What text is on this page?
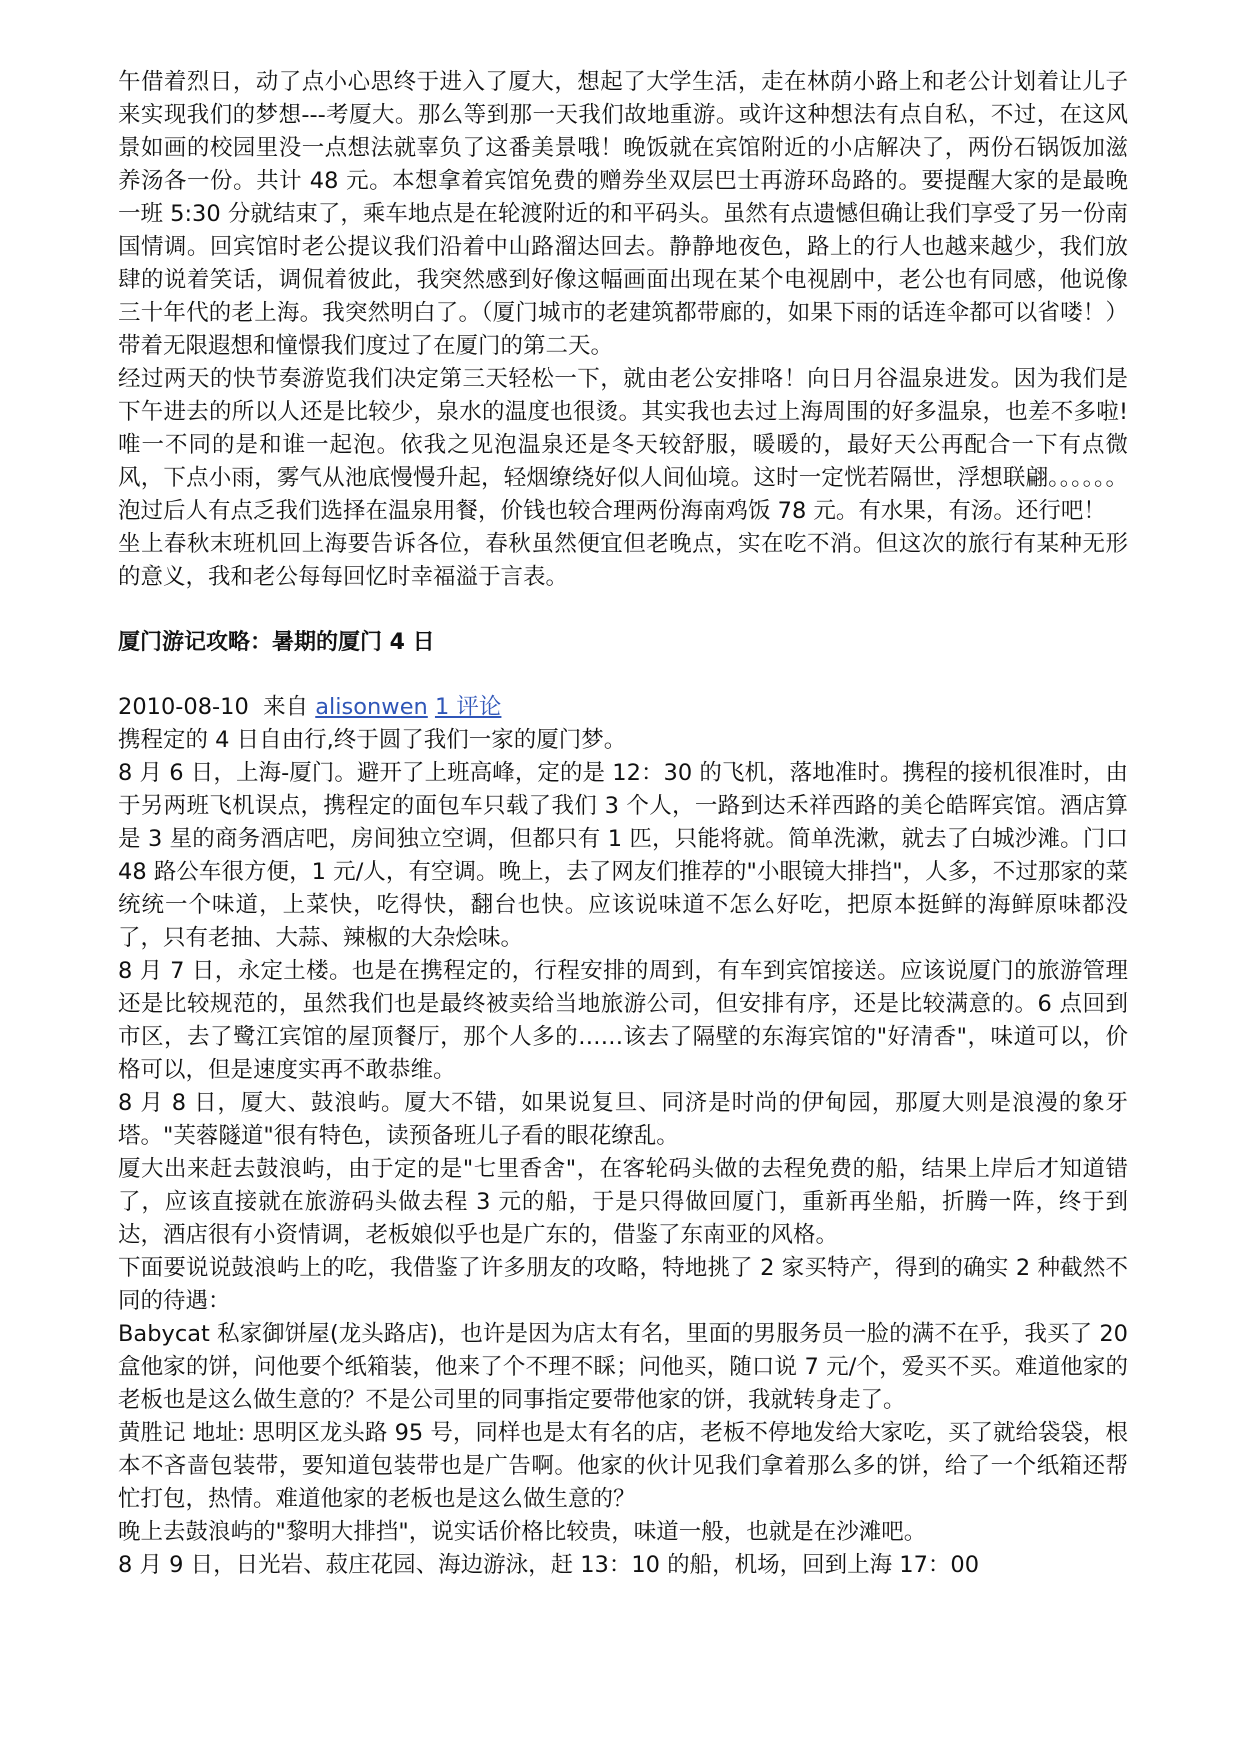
午借着烈日，动了点小心思终于进入了厦大，想起了大学生活，走在林荫小路上和老公计划着让儿子来实现我们的梦想---考厦大。那么等到那一天我们故地重游。或许这种想法有点自私，不过，在这风景如画的校园里没一点想法就辜负了这番美景哦！晚饭就在宾馆附近的小店解决了，两份石锅饭加滋养汤各一份。共计 48 元。本想拿着宾馆免费的赠券坐双层巴士再游环岛路的。要提醒大家的是最晚一班 5:30 分就结束了，乘车地点是在轮渡附近的和平码头。虽然有点遗憾但确让我们享受了另一份南国情调。回宾馆时老公提议我们沿着中山路溜达回去。静静地夜色，路上的行人也越来越少，我们放肆的说着笑话，调侃着彼此，我突然感到好像这幅画面出现在某个电视剧中，老公也有同感，他说像三十年代的老上海。我突然明白了。（厦门城市的老建筑都带廊的，如果下雨的话连伞都可以省喽！）带着无限遐想和憧憬我们度过了在厦门的第二天。

经过两天的快节奏游览我们决定第三天轻松一下，就由老公安排咯！向日月谷温泉进发。因为我们是下午进去的所以人还是比较少，泉水的温度也很烫。其实我也去过上海周围的好多温泉，也差不多啦!唯一不同的是和谁一起泡。依我之见泡温泉还是冬天较舒服，暖暖的，最好天公再配合一下有点微风，下点小雨，雾气从池底慢慢升起，轻烟缭绕好似人间仙境。这时一定恍若隔世，浮想联翩。。。。。。泡过后人有点乏我们选择在温泉用餐，价钱也较合理两份海南鸡饭 78 元。有水果，有汤。还行吧！

坐上春秋末班机回上海要告诉各位，春秋虽然便宜但老晚点，实在吃不消。但这次的旅行有某种无形的意义，我和老公每每回忆时幸福溢于言表。

厦门游记攻略：暑期的厦门 4 日
2010-08-10 来自 alisonwen 1 评论

携程定的 4 日自由行,终于圆了我们一家的厦门梦。

8 月 6 日，上海-厦门。避开了上班高峰，定的是 12：30 的飞机，落地准时。携程的接机很准时，由于另两班飞机误点，携程定的面包车只载了我们 3 个人，一路到达禾祥西路的美仑皓晖宾馆。酒店算是 3 星的商务酒店吧，房间独立空调，但都只有 1 匹，只能将就。简单洗漱，就去了白城沙滩。门口 48 路公车很方便，1 元/人，有空调。晚上，去了网友们推荐的"小眼镜大排挡"，人多，不过那家的菜统统一个味道，上菜快，吃得快，翻台也快。应该说味道不怎么好吃，把原本挺鲜的海鲜原味都没了，只有老抽、大蒜、辣椒的大杂烩味。

8 月 7 日，永定土楼。也是在携程定的，行程安排的周到，有车到宾馆接送。应该说厦门的旅游管理还是比较规范的，虽然我们也是最终被卖给当地旅游公司，但安排有序，还是比较满意的。6 点回到市区，去了鹭江宾馆的屋顶餐厅，那个人多的……该去了隔壁的东海宾馆的"好清香"，味道可以，价格可以，但是速度实再不敢恭维。

8 月 8 日，厦大、鼓浪屿。厦大不错，如果说复旦、同济是时尚的伊甸园，那厦大则是浪漫的象牙塔。"芙蓉隧道"很有特色，读预备班儿子看的眼花缭乱。

厦大出来赶去鼓浪屿，由于定的是"七里香舍"，在客轮码头做的去程免费的船，结果上岸后才知道错了，应该直接就在旅游码头做去程 3 元的船，于是只得做回厦门，重新再坐船，折腾一阵，终于到达，酒店很有小资情调，老板娘似乎也是广东的，借鉴了东南亚的风格。

下面要说说鼓浪屿上的吃，我借鉴了许多朋友的攻略，特地挑了 2 家买特产，得到的确实 2 种截然不同的待遇：

Babycat 私家御饼屋(龙头路店)，也许是因为店太有名，里面的男服务员一脸的满不在乎，我买了 20 盒他家的饼，问他要个纸箱装，他来了个不理不睬；问他买，随口说 7 元/个，爱买不买。难道他家的老板也是这么做生意的？不是公司里的同事指定要带他家的饼，我就转身走了。

黄胜记 地址: 思明区龙头路 95 号，同样也是太有名的店，老板不停地发给大家吃，买了就给袋袋，根本不吝啬包装带，要知道包装带也是广告啊。他家的伙计见我们拿着那么多的饼，给了一个纸箱还帮忙打包，热情。难道他家的老板也是这么做生意的？

晚上去鼓浪屿的"黎明大排挡"，说实话价格比较贵，味道一般，也就是在沙滩吧。

8 月 9 日，日光岩、菽庄花园、海边游泳，赶 13：10 的船，机场，回到上海 17：00
